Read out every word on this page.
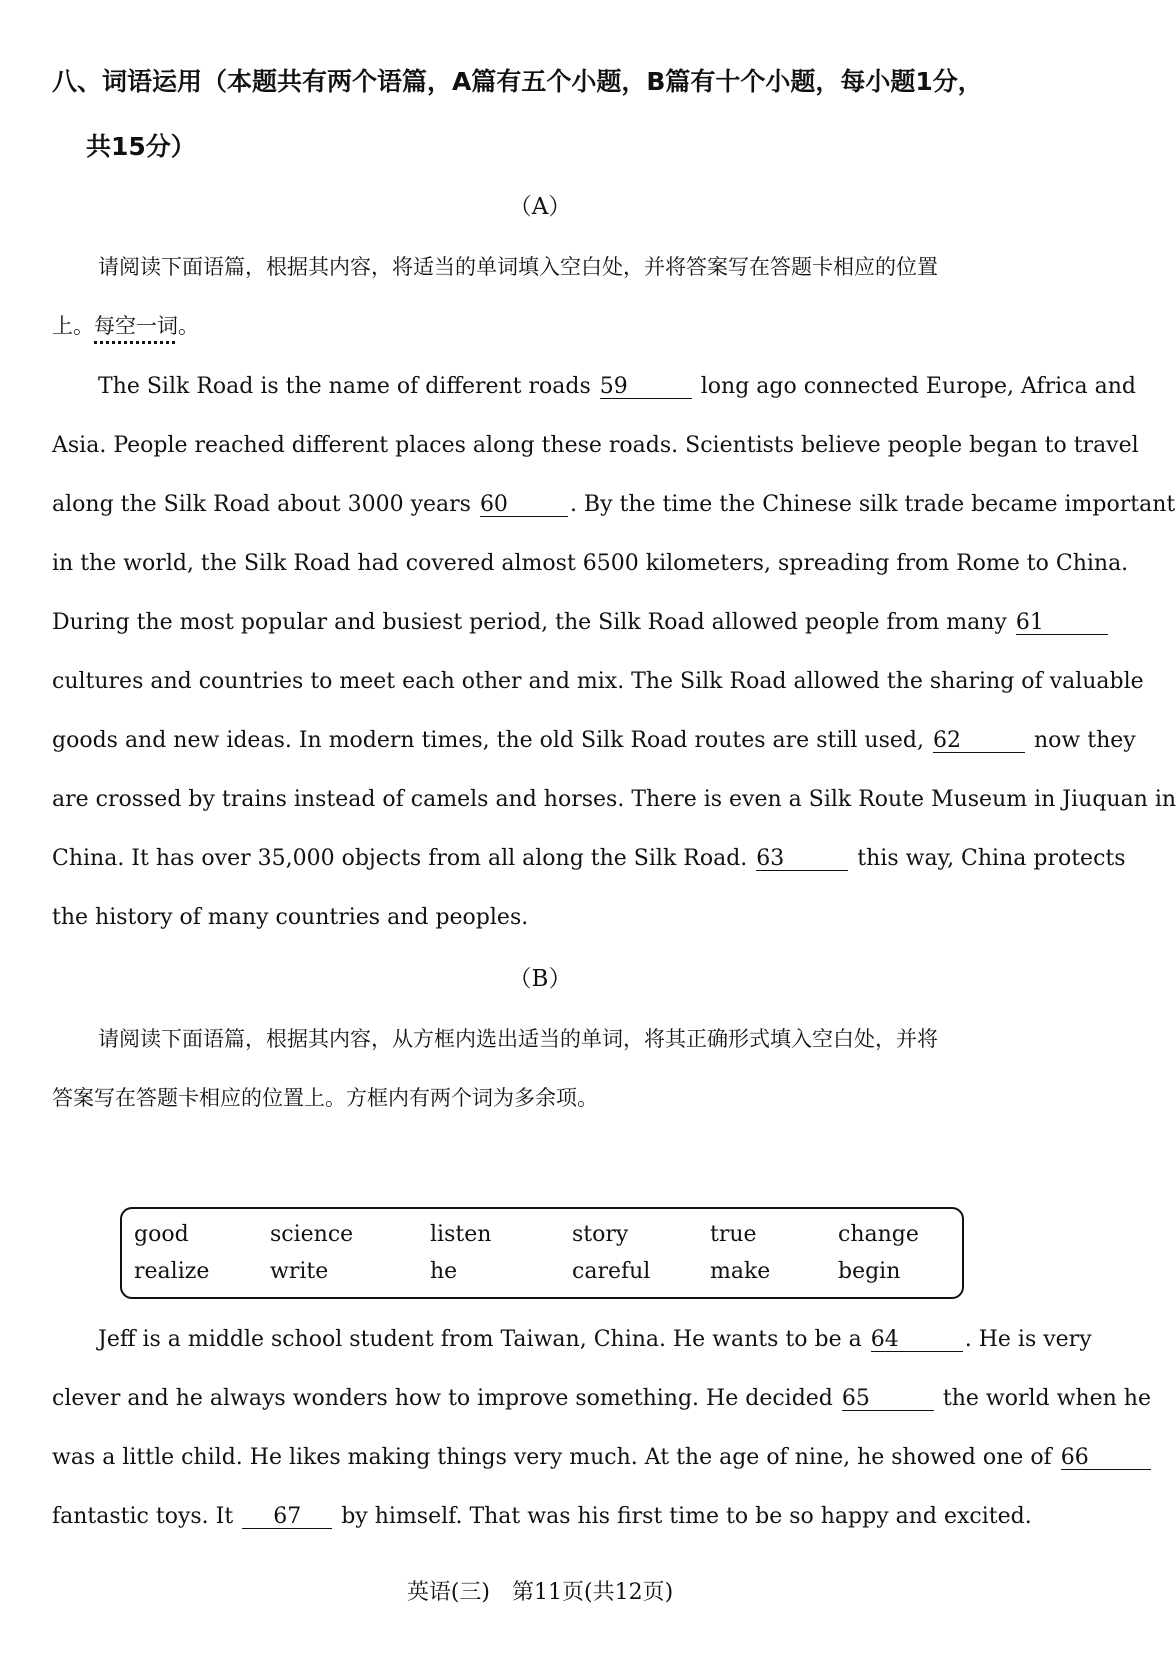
八、词语运用（本题共有两个语篇，A篇有五个小题，B篇有十个小题，每小题1分，
共15分）
（A）
请阅读下面语篇，根据其内容，将适当的单词填入空白处，并将答案写在答题卡相应的位置
上。每空一词。
The Silk Road is the name of different roads 59	long ago connected Europe, Africa and
Asia. People reached different places along these roads. Scientists believe people began to travel
along the Silk Road about 3000 years 60	. By the time the Chinese silk trade became important
in the world, the Silk Road had covered almost 6500 kilometers, spreading from Rome to China.
During the most popular and busiest period, the Silk Road allowed people from many 61
cultures and countries to meet each other and mix. The Silk Road allowed the sharing of valuable
goods and new ideas. In modern times, the old Silk Road routes are still used, 62	now they
are crossed by trains instead of camels and horses. There is even a Silk Route Museum in Jiuquan in
China. It has over 35,000 objects from all along the Silk Road. 63	this way, China protects
the history of many countries and peoples.
（B）
请阅读下面语篇，根据其内容，从方框内选出适当的单词，将其正确形式填入空白处，并将
答案写在答题卡相应的位置上。方框内有两个词为多余项。
good	science	listen	story	true	change
realize	write	he	careful	make	begin
Jeff is a middle school student from Taiwan, China. He wants to be a 64	. He is very
clever and he always wonders how to improve something. He decided 65	the world when he
was a little child. He likes making things very much. At the age of nine, he showed one of 66
fantastic toys. It 67 by himself. That was his first time to be so happy and excited.
英语(三)　第11页(共12页)
